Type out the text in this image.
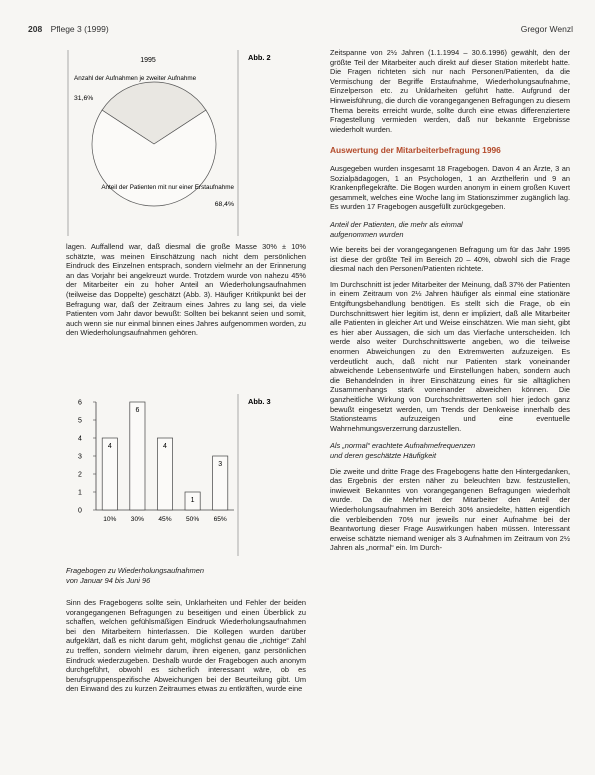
208 Pflege 3 (1999)	Gregor Wenzl
1995	Abb. 2
Anzahl der Aufnahmen je zweiter Aufnahme
31,6%
Anteil der Patienten mit nur einer Erstaufnahme
68,4%

lagen. Auffallend war, daß diesmal die große Masse 30% ± 10% schätzte, was meinen Einschätzung nach nicht dem persönlichen Eindruck des Einzelnen entsprach, sondern vielmehr an der Erinnerung an das Vorjahr bei angekreuzt wurde. Trotzdem wurde von nahezu 45% der Mitarbeiter ein zu hoher Anteil an Wiederholungsaufnahmen (teilweise das Doppelte) geschätzt (Abb. 3). Häufiger Kritikpunkt bei der Befragung war, daß der Zeitraum eines Jahres zu lang sei, da viele Patienten vom Jahr davor bewußt: Sollten bei bekannt seien und somit, auch wenn sie nur einmal binnen eines Jahres aufgenommen worden, zu den Wiederholungsaufnahmen gehören.

Abb. 3
0
1
2
3
4
5
6
4
10%
6
30%
4
45%
1
50%
3
65%
Fragebogen zu Wiederholungsaufnahmen
von Januar 94 bis Juni 96

Sinn des Fragebogens sollte sein, Unklarheiten und Fehler der beiden vorangegangenen Befragungen zu beseitigen und einen Überblick zu schaffen, welchen gefühlsmäßigen Eindruck Wiederholungsaufnahmen bei den Mitarbeitern hinterlassen. Die Kollegen wurden darüber aufgeklärt, daß es nicht darum geht, möglichst genau die „richtige“ Zahl zu treffen, sondern vielmehr darum, ihren eigenen, ganz persönlichen Eindruck wiederzugeben. Deshalb wurde der Fragebogen auch anonym durchgeführt, obwohl es sicherlich interessant wäre, ob es berufsgruppenspezifische Abweichungen bei der Beurteilung gibt. Um den Einwand des zu kurzen Zeitraumes etwas zu entkräften, wurde eine

Zeitspanne von 2½ Jahren (1.1.1994 – 30.6.1996) gewählt, den der größte Teil der Mitarbeiter auch direkt auf dieser Station miterlebt hatte. Die Fragen richteten sich nur nach Personen/Patienten, da die Vermischung der Begriffe Erstaufnahme, Wiederholungsaufnahme, Einzelperson etc. zu Unklarheiten geführt hatte. Aufgrund der Hinweisführung, die durch die vorangegangenen Befragungen zu diesem Thema bereits erreicht wurde, sollte durch eine etwas differenziertere Fragestellung vermieden werden, daß nur bekannte Ergebnisse wiederholt wurden.

Auswertung der Mitarbeiterbefragung 1996

Ausgegeben wurden insgesamt 18 Fragebogen. Davon 4 an Ärzte, 3 an Sozialpädagogen, 1 an Psychologen, 1 an Arzthelferin und 9 an Krankenpflegekräfte. Die Bogen wurden anonym in einem großen Kuvert gesammelt, welches eine Woche lang im Stationszimmer zugänglich lag. Es wurden 17 Fragebogen ausgefüllt zurückgegeben.

Anteil der Patienten, die mehr als einmal
aufgenommen wurden

Wie bereits bei der vorangegangenen Befragung um für das Jahr 1995 ist diese der größte Teil im Bereich 20 – 40%, obwohl sich die Frage diesmal nach den Personen/Patienten richtete.

Im Durchschnitt ist jeder Mitarbeiter der Meinung, daß 37% der Patienten in einem Zeitraum von 2½ Jahren häufiger als einmal eine stationäre Entgiftungsbehandlung benötigen. Es stellt sich die Frage, ob ein Durchschnittswert hier legitim ist, denn er impliziert, daß alle Mitarbeiter alle Patienten in gleicher Art und Weise einschätzen. Wie man sieht, gibt es hier aber Aussagen, die sich um das Vierfache unterscheiden. Ich werde also weiter Durchschnittswerte angeben, wo die teilweise enormen Abweichungen zu den Extremwerten aufzuzeigen. Es verdeutlicht auch, daß nicht nur Patienten stark voneinander abweichende Lebensentwürfe und Einstellungen haben, sondern auch die Behandelnden in ihrer Einschätzung eines für sie alltäglichen Zusammenhangs stark voneinander abweichen können. Die ganzheitliche Wirkung von Durchschnittswerten soll hier jedoch ganz bewußt eingesetzt werden, um Trends der Denkweise innerhalb des Stationsteams aufzuzeigen und eine eventuelle Wahrnehmungsverzerrung darzustellen.

Als „normal“ erachtete Aufnahmefrequenzen
und deren geschätzte Häufigkeit

Die zweite und dritte Frage des Fragebogens hatte den Hintergedanken, das Ergebnis der ersten näher zu beleuchten bzw. festzustellen, inwieweit Bekanntes von vorangegangenen Befragungen wiederholt wurde. Da die Mehrheit der Mitarbeiter den Anteil der Wiederholungsaufnahmen im Bereich 30% ansiedelte, hätten eigentlich die verbleibenden 70% nur jeweils nur einer Aufnahme bei der Beantwortung dieser Frage Auswirkungen haben müssen. Interessant erweise schätzte niemand weniger als 3 Aufnahmen im Zeitraum von 2½ Jahren als „normal“ ein. Im Durch-
